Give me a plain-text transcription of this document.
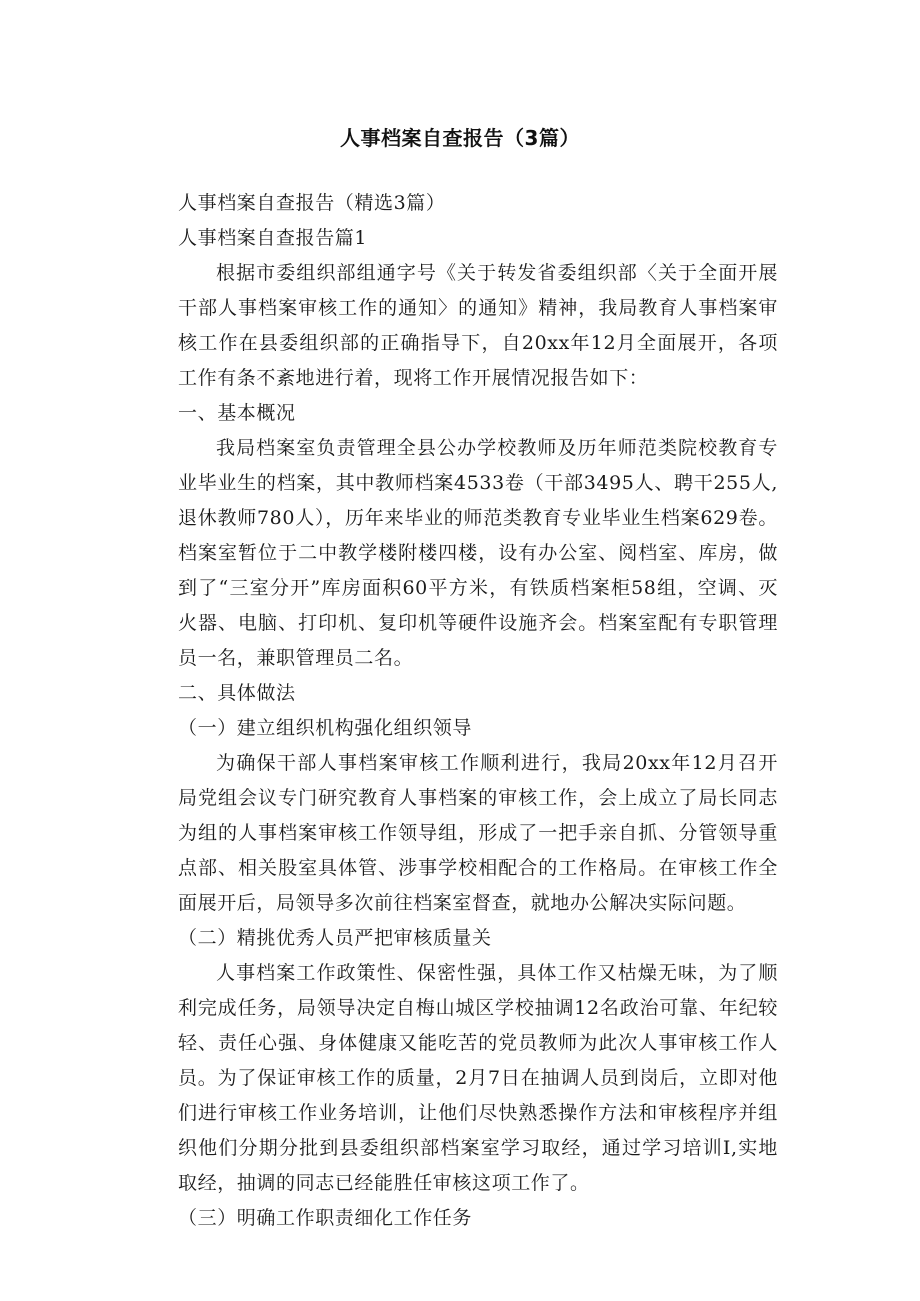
人事档案自查报告（3篇）

人事档案自查报告（精选3篇）

人事档案自查报告篇1

根据市委组织部组通字号《关于转发省委组织部〈关于全面开展干部人事档案审核工作的通知〉的通知》精神，我局教育人事档案审核工作在县委组织部的正确指导下，自20xx年12月全面展开，各项工作有条不紊地进行着，现将工作开展情况报告如下：

一、基本概况

我局档案室负责管理全县公办学校教师及历年师范类院校教育专业毕业生的档案，其中教师档案4533卷（干部3495人、聘干255人,退休教师780人），历年来毕业的师范类教育专业毕业生档案629卷。档案室暂位于二中教学楼附楼四楼，设有办公室、阅档室、库房，做到了“三室分开”库房面积60平方米，有铁质档案柜58组，空调、灭火器、电脑、打印机、复印机等硬件设施齐会。档案室配有专职管理员一名，兼职管理员二名。

二、具体做法

（一）建立组织机构强化组织领导

为确保干部人事档案审核工作顺利进行，我局20xx年12月召开局党组会议专门研究教育人事档案的审核工作，会上成立了局长同志为组的人事档案审核工作领导组，形成了一把手亲自抓、分管领导重点部、相关股室具体管、涉事学校相配合的工作格局。在审核工作全面展开后，局领导多次前往档案室督查，就地办公解决实际问题。

（二）精挑优秀人员严把审核质量关

人事档案工作政策性、保密性强，具体工作又枯燥无味，为了顺利完成任务，局领导决定自梅山城区学校抽调12名政治可靠、年纪较轻、责任心强、身体健康又能吃苦的党员教师为此次人事审核工作人员。为了保证审核工作的质量，2月7日在抽调人员到岗后，立即对他们进行审核工作业务培训，让他们尽快熟悉操作方法和审核程序并组织他们分期分批到县委组织部档案室学习取经，通过学习培训I,实地取经，抽调的同志已经能胜任审核这项工作了。

（三）明确工作职责细化工作任务
